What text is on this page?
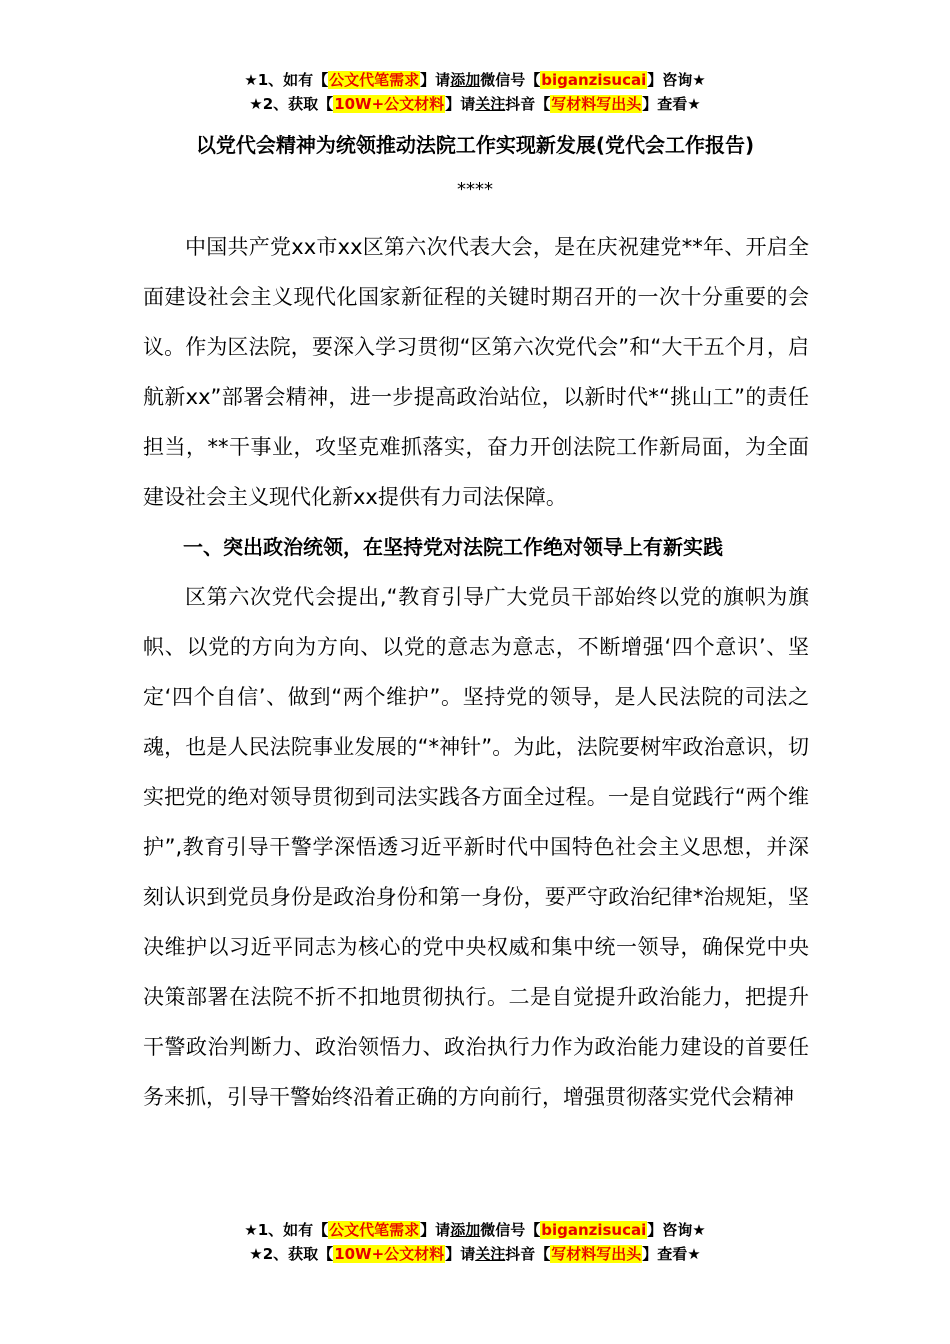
★1、如有【公文代笔需求】请添加微信号【biganzisucai】咨询★
★2、获取【10W+公文材料】请关注抖音【写材料写出头】查看★
以党代会精神为统领推动法院工作实现新发展(党代会工作报告)
****

中国共产党xx市xx区第六次代表大会，是在庆祝建党**年、开启全面建设社会主义现代化国家新征程的关键时期召开的一次十分重要的会议。作为区法院，要深入学习贯彻“区第六次党代会”和“大干五个月，启航新xx”部署会精神，进一步提高政治站位，以新时代*“挑山工”的责任担当，**干事业，攻坚克难抓落实，奋力开创法院工作新局面，为全面建设社会主义现代化新xx提供有力司法保障。

一、突出政治统领，在坚持党对法院工作绝对领导上有新实践

区第六次党代会提出,“教育引导广大党员干部始终以党的旗帜为旗帜、以党的方向为方向、以党的意志为意志，不断增强‘四个意识’、坚定‘四个自信’、做到“两个维护”。坚持党的领导，是人民法院的司法之魂，也是人民法院事业发展的“*神针”。为此，法院要树牢政治意识，切实把党的绝对领导贯彻到司法实践各方面全过程。一是自觉践行“两个维护”,教育引导干警学深悟透习近平新时代中国特色社会主义思想，并深刻认识到党员身份是政治身份和第一身份，要严守政治纪律*治规矩，坚决维护以习近平同志为核心的党中央权威和集中统一领导，确保党中央决策部署在法院不折不扣地贯彻执行。二是自觉提升政治能力，把提升干警政治判断力、政治领悟力、政治执行力作为政治能力建设的首要任务来抓，引导干警始终沿着正确的方向前行，增强贯彻落实党代会精神

★1、如有【公文代笔需求】请添加微信号【biganzisucai】咨询★
★2、获取【10W+公文材料】请关注抖音【写材料写出头】查看★
